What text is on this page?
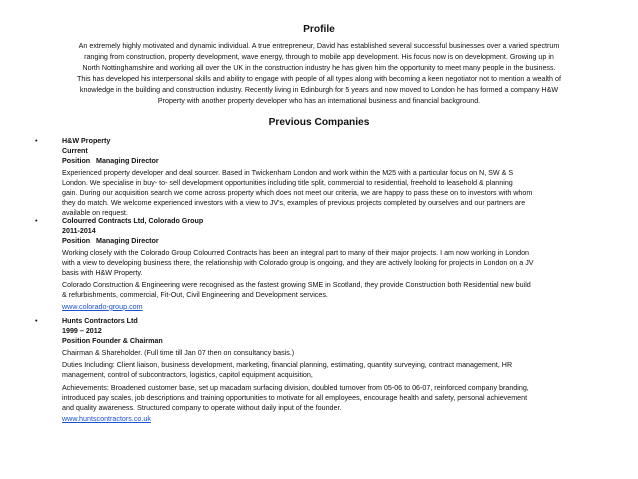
Profile
An extremely highly motivated and dynamic individual. A true entrepreneur, David has established several successful businesses over a varied spectrum
ranging from construction, property development, wave energy, through to mobile app development. His focus now is on development. Growing up in
North Nottinghamshire and working all over the UK in the construction industry he has given him the opportunity to meet many people in the business.
This has developed his interpersonal skills and ability to engage with people of all types along with becoming a keen negotiator not to mention a wealth of
knowledge in the building and construction industry. Recently living in Edinburgh for 5 years and now moved to London he has formed a company H&W
Property with another property developer who has an international business and financial background.
Previous Companies
•	H&W Property
Current
Position Managing Director
Experienced property developer and deal sourcer. Based in Twickenham London and work within the M25 with a particular focus on N, SW & S
London. We specialise in buy- to- sell development opportunities including title split, commercial to residential, freehold to leasehold & planning
gain. During our acquisition search we come across property which does not meet our criteria, we are happy to pass these on to investors with whom
they do match. We welcome experienced investors with a view to JV's, examples of previous projects completed by ourselves and our partners are
available on request.
•	Colourred Contracts Ltd, Colorado Group
2011-2014
Position Managing Director
Working closely with the Colorado Group Colourred Contracts has been an integral part to many of their major projects. I am now working in London
with a view to developing business there, the relationship with Colorado group is ongoing, and they are actively looking for projects in London on a JV
basis with H&W Property.
Colorado Construction & Engineering were recognised as the fastest growing SME in Scotland, they provide Construction both Residential new build
& refurbishments, commercial, Fit-Out, Civil Engineering and Development services.
www.colorado-group.com
•	Hunts Contractors Ltd
1999 – 2012
Position Founder & Chairman
Chairman & Shareholder. (Full time till Jan 07 then on consultancy basis.)
Duties Including: Client liaison, business development, marketing, financial planning, estimating, quantity surveying, contract management, HR
management, control of subcontractors, logistics, capitol equipment acquisition,
Achievements: Broadened customer base, set up macadam surfacing division, doubled turnover from 05-06 to 06-07, reinforced company branding,
introduced pay scales, job descriptions and training opportunities to motivate for all employees, encourage health and safety, personal achievement
and quality awareness. Structured company to operate without daily input of the founder.
www.huntscontractors.co.uk
